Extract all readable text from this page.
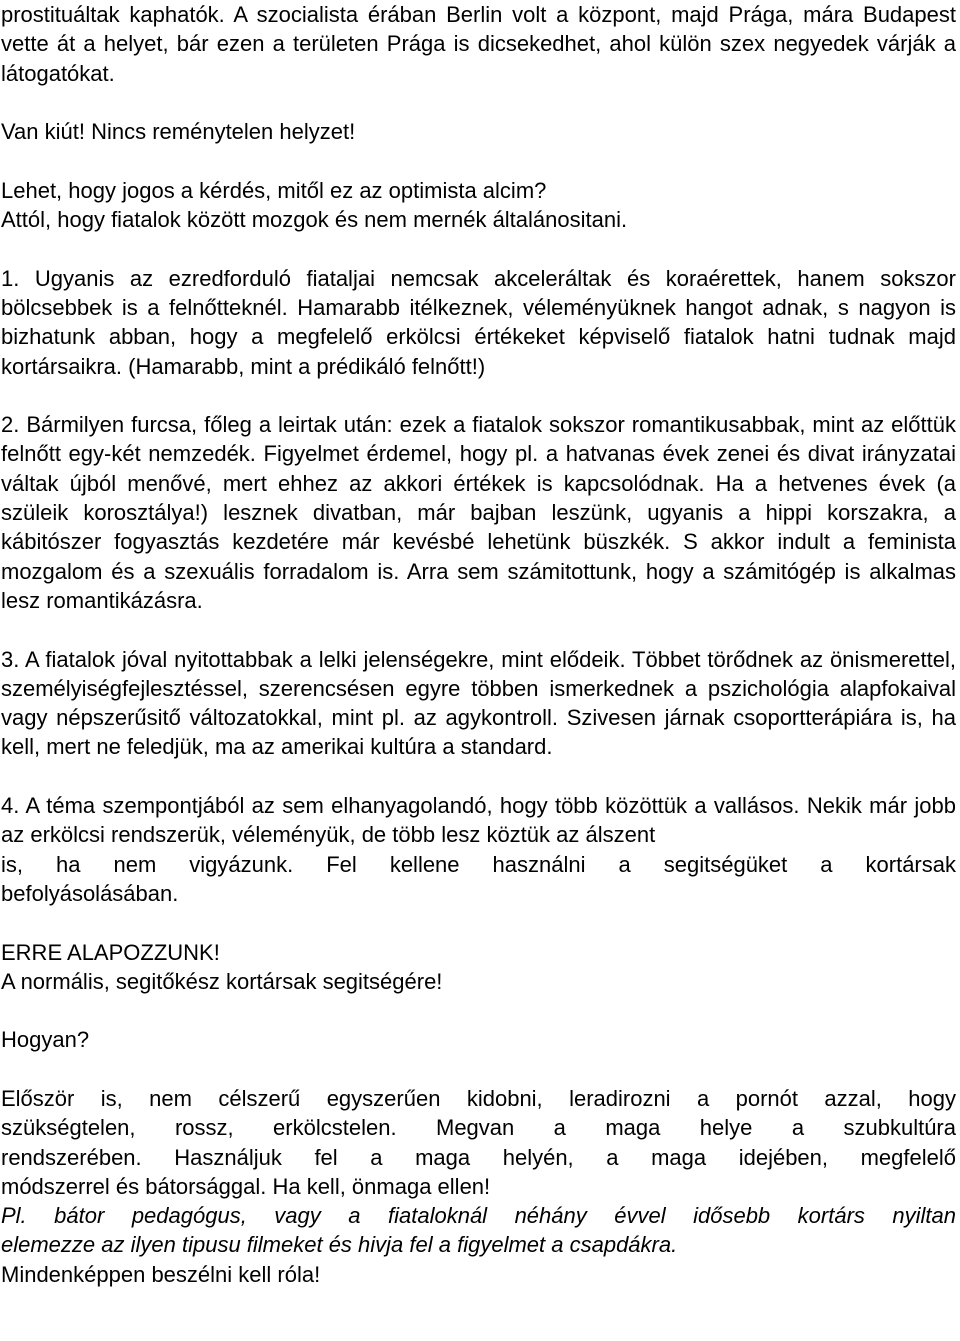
prostituáltak kaphatók. A szocialista érában Berlin volt a központ, majd Prága, mára Budapest vette át a helyet, bár ezen a területen Prága is dicsekedhet, ahol külön szex negyedek várják a látogatókat.

Van kiút! Nincs reménytelen helyzet!

Lehet, hogy jogos a kérdés, mitől ez az optimista alcim?

Attól, hogy fiatalok között mozgok és nem mernék általánositani.

1. Ugyanis az ezredforduló fiataljai nemcsak akceleráltak és koraérettek, hanem sokszor bölcsebbek is a felnőtteknél. Hamarabb itélkeznek, véleményüknek hangot adnak, s nagyon is bizhatunk abban, hogy a megfelelő erkölcsi értékeket képviselő fiatalok hatni tudnak majd kortársaikra. (Hamarabb, mint a prédikáló felnőtt!)

2. Bármilyen furcsa, főleg a leirtak után: ezek a fiatalok sokszor romantikusabbak, mint az előttük felnőtt egy-két nemzedék. Figyelmet érdemel, hogy pl. a hatvanas évek zenei és divat irányzatai váltak újból menővé, mert ehhez az akkori értékek is kapcsolódnak. Ha a hetvenes évek (a szüleik korosztálya!) lesznek divatban, már bajban leszünk, ugyanis a hippi korszakra, a kábitószer fogyasztás kezdetére már kevésbé lehetünk büszkék. S akkor indult a feminista mozgalom és a szexuális forradalom is. Arra sem számitottunk, hogy a számitógép is alkalmas lesz romantikázásra.

3. A fiatalok jóval nyitottabbak a lelki jelenségekre, mint elődeik. Többet törődnek az önismerettel, személyiségfejlesztéssel, szerencsésen egyre többen ismerkednek a pszichológia alapfokaival vagy népszerűsitő változatokkal, mint pl. az agykontroll. Szivesen járnak csoportterápiára is, ha kell, mert ne feledjük, ma az amerikai kultúra a standard.

4. A téma szempontjából az sem elhanyagolandó, hogy több közöttük a vallásos. Nekik már jobb az erkölcsi rendszerük, véleményük, de több lesz köztük az álszent
is, ha nem vigyázunk. Fel kellene használni a segitségüket a kortársak
befolyásolásában.

ERRE ALAPOZZUNK!

A normális, segitőkész kortársak segitségére!

Hogyan?

Először is, nem célszerű egyszerűen kidobni, leradirozni a pornót azzal, hogy
szükségtelen, rossz, erkölcstelen. Megvan a maga helye a szubkultúra
rendszerében. Használjuk fel a maga helyén, a maga idejében, megfelelő
módszerrel és bátorsággal. Ha kell, önmaga ellen!

Pl. bátor pedagógus, vagy a fiataloknál néhány évvel idősebb kortárs nyiltan
elemezze az ilyen tipusu filmeket és hivja fel a figyelmet a csapdákra.

Mindenképpen beszélni kell róla!
